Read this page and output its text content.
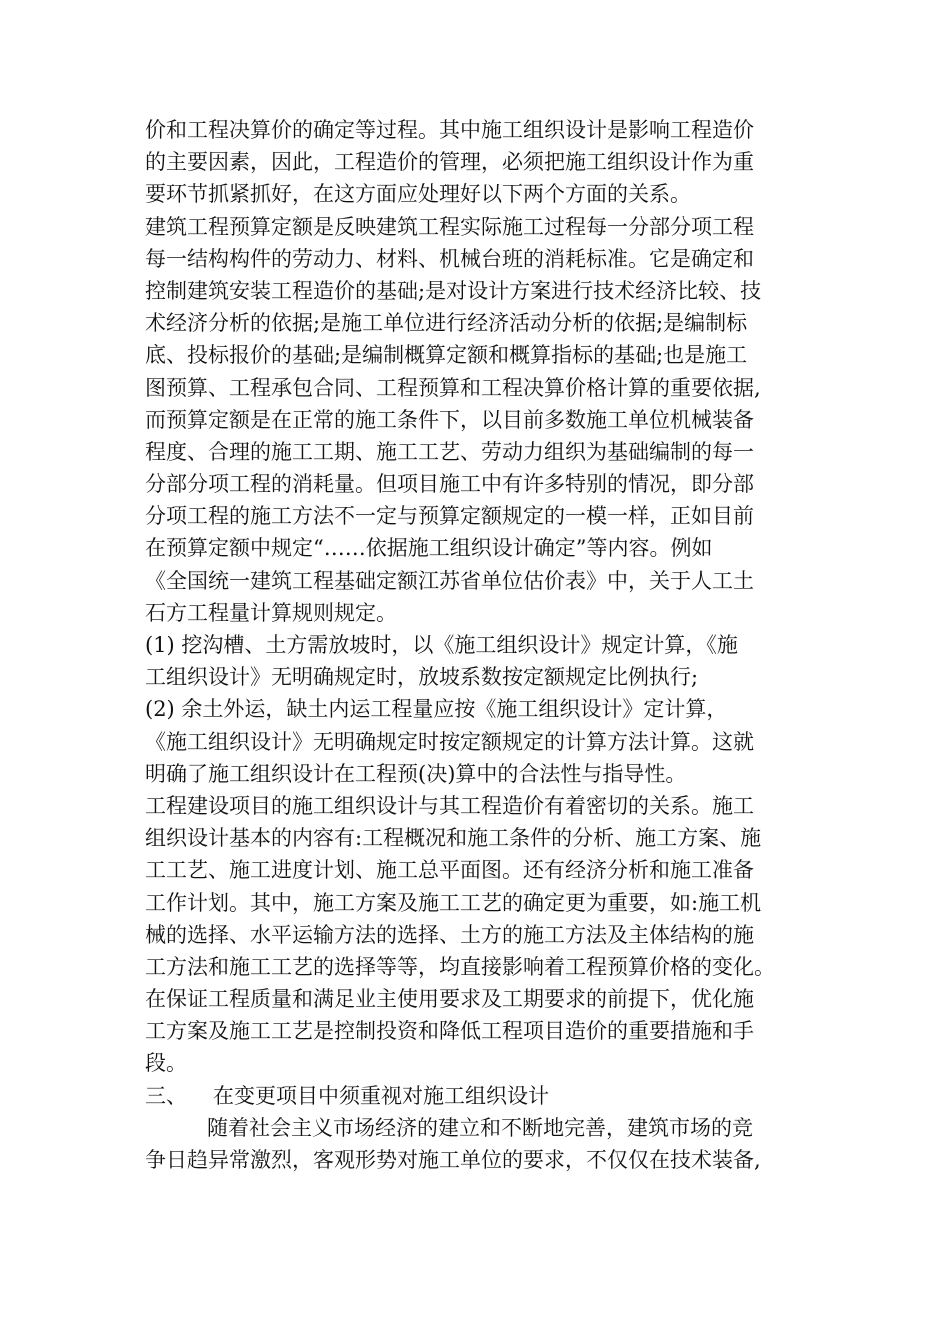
价和工程决算价的确定等过程。其中施工组织设计是影响工程造价
的主要因素，因此，工程造价的管理，必须把施工组织设计作为重
要环节抓紧抓好，在这方面应处理好以下两个方面的关系。
建筑工程预算定额是反映建筑工程实际施工过程每一分部分项工程
每一结构构件的劳动力、材料、机械台班的消耗标准。它是确定和
控制建筑安装工程造价的基础;是对设计方案进行技术经济比较、技
术经济分析的依据;是施工单位进行经济活动分析的依据;是编制标
底、投标报价的基础;是编制概算定额和概算指标的基础;也是施工
图预算、工程承包合同、工程预算和工程决算价格计算的重要依据,
而预算定额是在正常的施工条件下，以目前多数施工单位机械装备
程度、合理的施工工期、施工工艺、劳动力组织为基础编制的每一
分部分项工程的消耗量。但项目施工中有许多特别的情况，即分部
分项工程的施工方法不一定与预算定额规定的一模一样，正如目前
在预算定额中规定“……依据施工组织设计确定”等内容。例如
《全国统一建筑工程基础定额江苏省单位估价表》中，关于人工土
石方工程量计算规则规定。
(1) 挖沟槽、土方需放坡时，以《施工组织设计》规定计算，《施
工组织设计》无明确规定时，放坡系数按定额规定比例执行;
(2) 余土外运，缺土内运工程量应按《施工组织设计》定计算，
《施工组织设计》无明确规定时按定额规定的计算方法计算。这就
明确了施工组织设计在工程预(决)算中的合法性与指导性。
工程建设项目的施工组织设计与其工程造价有着密切的关系。施工
组织设计基本的内容有:工程概况和施工条件的分析、施工方案、施
工工艺、施工进度计划、施工总平面图。还有经济分析和施工准备
工作计划。其中，施工方案及施工工艺的确定更为重要，如:施工机
械的选择、水平运输方法的选择、土方的施工方法及主体结构的施
工方法和施工工艺的选择等等，均直接影响着工程预算价格的变化。
在保证工程质量和满足业主使用要求及工期要求的前提下，优化施
工方案及施工工艺是控制投资和降低工程项目造价的重要措施和手
段。
三、 在变更项目中须重视对施工组织设计
随着社会主义市场经济的建立和不断地完善，建筑市场的竞
争日趋异常激烈，客观形势对施工单位的要求，不仅仅在技术装备,
